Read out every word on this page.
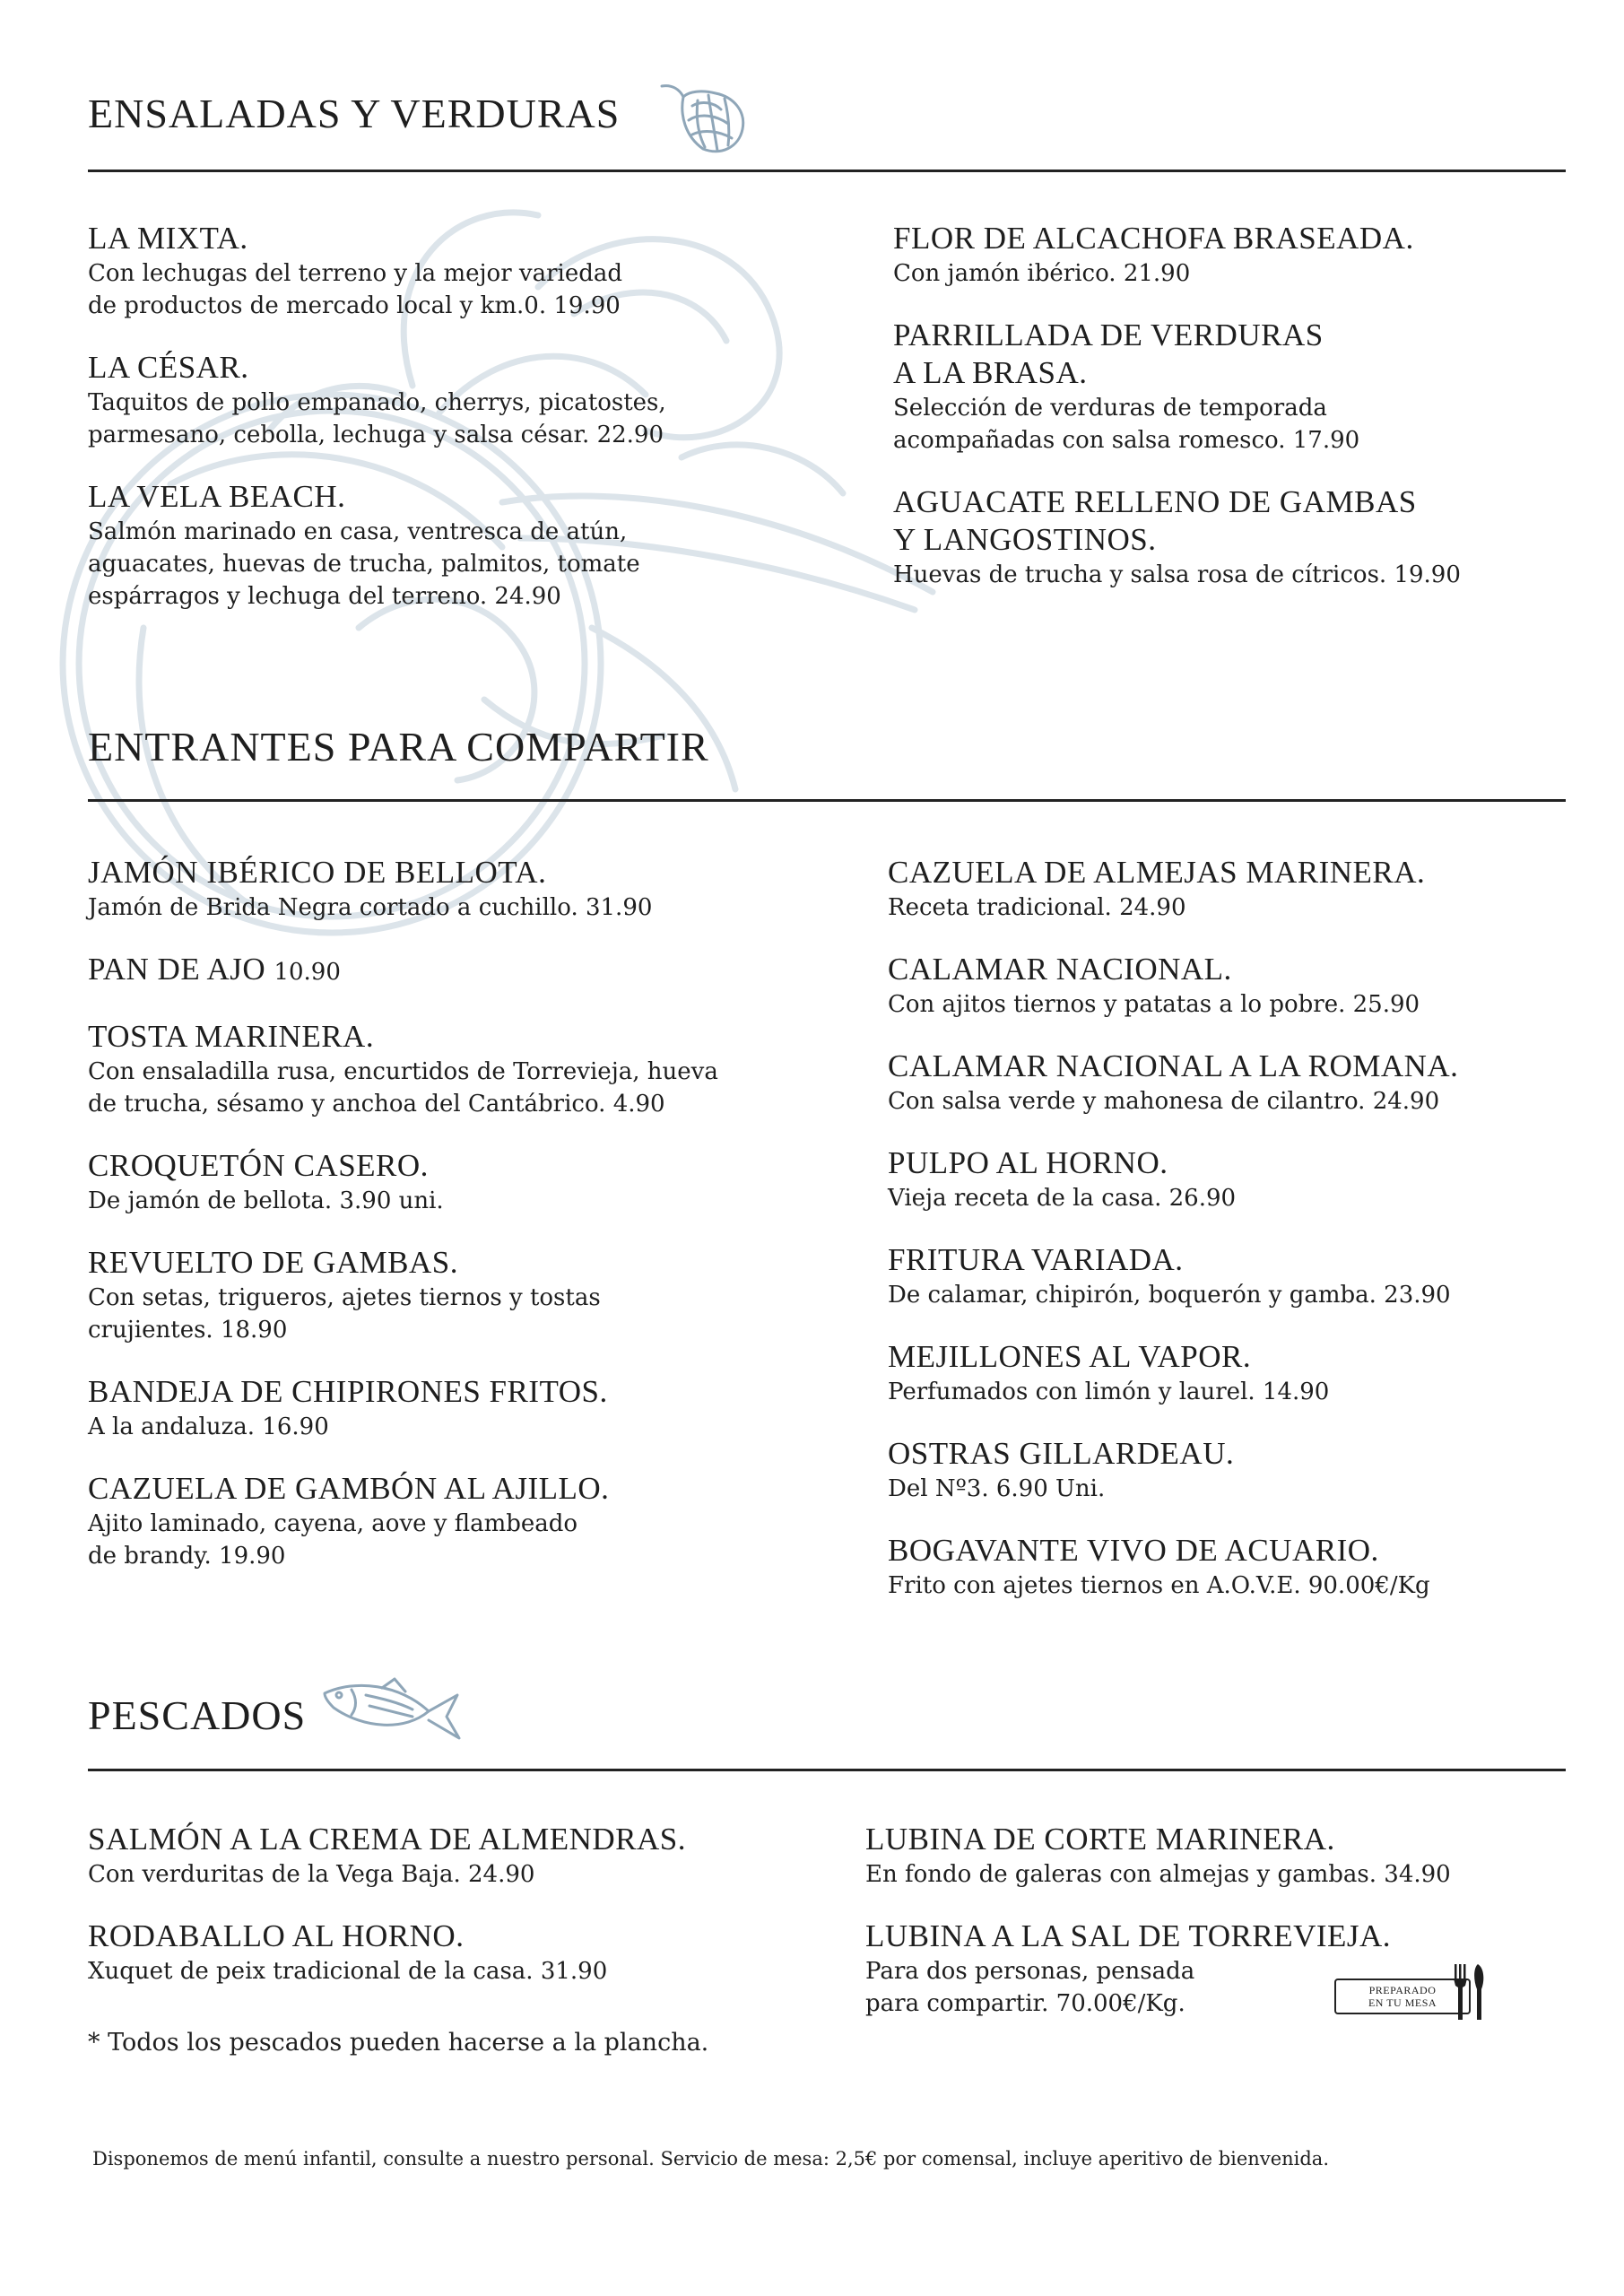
ENSALADAS Y VERDURAS
LA MIXTA.
Con lechugas del terreno y la mejor variedad
de productos de mercado local y km.0. 19.90
LA CÉSAR.
Taquitos de pollo empanado, cherrys, picatostes,
parmesano, cebolla, lechuga y salsa césar. 22.90
LA VELA BEACH.
Salmón marinado en casa, ventresca de atún,
aguacates, huevas de trucha, palmitos, tomate
espárragos y lechuga del terreno. 24.90
FLOR DE ALCACHOFA BRASEADA.
Con jamón ibérico. 21.90
PARRILLADA DE VERDURAS
A LA BRASA.
Selección de verduras de temporada
acompañadas con salsa romesco. 17.90
AGUACATE RELLENO DE GAMBAS
Y LANGOSTINOS.
Huevas de trucha y salsa rosa de cítricos. 19.90
ENTRANTES PARA COMPARTIR
JAMÓN IBÉRICO DE BELLOTA.
Jamón de Brida Negra cortado a cuchillo. 31.90
PAN DE AJO 10.90
TOSTA MARINERA.
Con ensaladilla rusa, encurtidos de Torrevieja, hueva
de trucha, sésamo y anchoa del Cantábrico. 4.90
CROQUETÓN CASERO.
De jamón de bellota. 3.90 uni.
REVUELTO DE GAMBAS.
Con setas, trigueros, ajetes tiernos y tostas
crujientes. 18.90
BANDEJA DE CHIPIRONES FRITOS.
A la andaluza. 16.90
CAZUELA DE GAMBÓN AL AJILLO.
Ajito laminado, cayena, aove y flambeado
de brandy. 19.90
CAZUELA DE ALMEJAS MARINERA.
Receta tradicional. 24.90
CALAMAR NACIONAL.
Con ajitos tiernos y patatas a lo pobre. 25.90
CALAMAR NACIONAL A LA ROMANA.
Con salsa verde y mahonesa de cilantro. 24.90
PULPO AL HORNO.
Vieja receta de la casa. 26.90
FRITURA VARIADA.
De calamar, chipirón, boquerón y gamba. 23.90
MEJILLONES AL VAPOR.
Perfumados con limón y laurel. 14.90
OSTRAS GILLARDEAU.
Del Nº3. 6.90 Uni.
BOGAVANTE VIVO DE ACUARIO.
Frito con ajetes tiernos en A.O.V.E. 90.00€/Kg
PESCADOS
SALMÓN A LA CREMA DE ALMENDRAS.
Con verduritas de la Vega Baja. 24.90
RODABALLO AL HORNO.
Xuquet de peix tradicional de la casa. 31.90
LUBINA DE CORTE MARINERA.
En fondo de galeras con almejas y gambas. 34.90
LUBINA A LA SAL DE TORREVIEJA.
Para dos personas, pensada
para compartir. 70.00€/Kg.	PREPARADO
EN TU MESA
* Todos los pescados pueden hacerse a la plancha.
Disponemos de menú infantil, consulte a nuestro personal. Servicio de mesa: 2,5€ por comensal, incluye aperitivo de bienvenida.
